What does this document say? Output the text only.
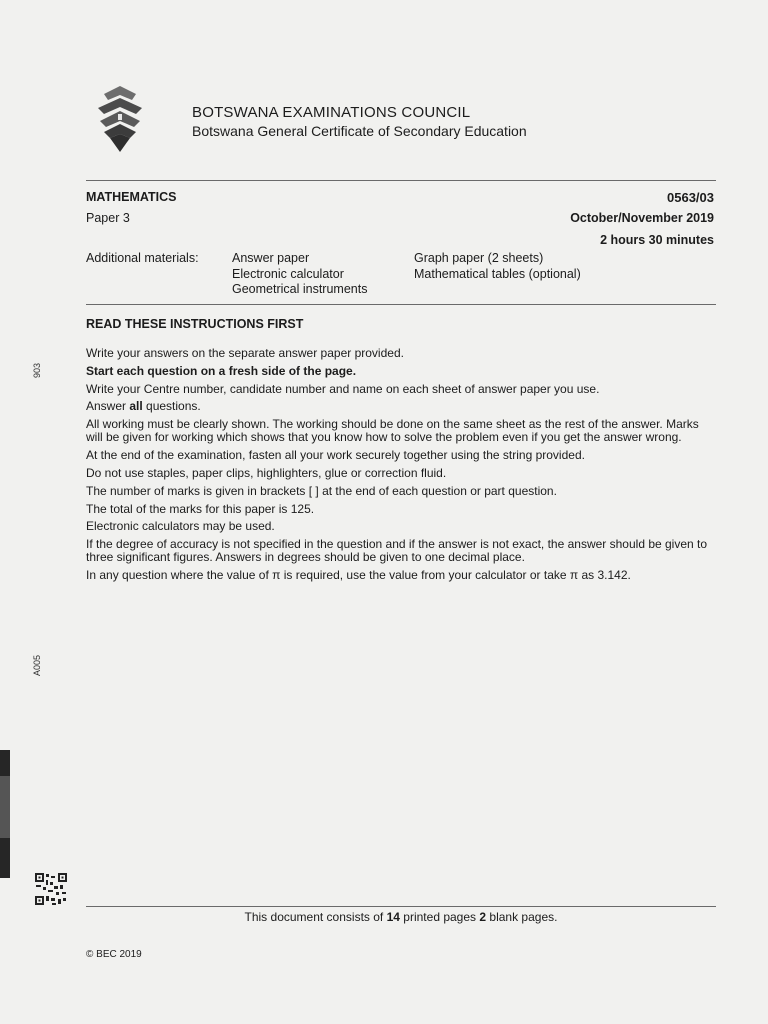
BOTSWANA EXAMINATIONS COUNCIL
Botswana General Certificate of Secondary Education
MATHEMATICS
Paper 3
0563/03
October/November 2019
2 hours 30 minutes
Additional materials:	Answer paper
Electronic calculator
Geometrical instruments
Graph paper (2 sheets)
Mathematical tables (optional)
READ THESE INSTRUCTIONS FIRST

Write your answers on the separate answer paper provided.

Start each question on a fresh side of the page.

Write your Centre number, candidate number and name on each sheet of answer paper you use.

Answer all questions.

All working must be clearly shown. The working should be done on the same sheet as the rest of the answer. Marks will be given for working which shows that you know how to solve the problem even if you get the answer wrong.

At the end of the examination, fasten all your work securely together using the string provided.

Do not use staples, paper clips, highlighters, glue or correction fluid.

The number of marks is given in brackets [ ] at the end of each question or part question.

The total of the marks for this paper is 125.

Electronic calculators may be used.

If the degree of accuracy is not specified in the question and if the answer is not exact, the answer should be given to three significant figures. Answers in degrees should be given to one decimal place.

In any question where the value of π is required, use the value from your calculator or take π as 3.142.

903
A005
This document consists of 14 printed pages 2 blank pages.
© BEC 2019
